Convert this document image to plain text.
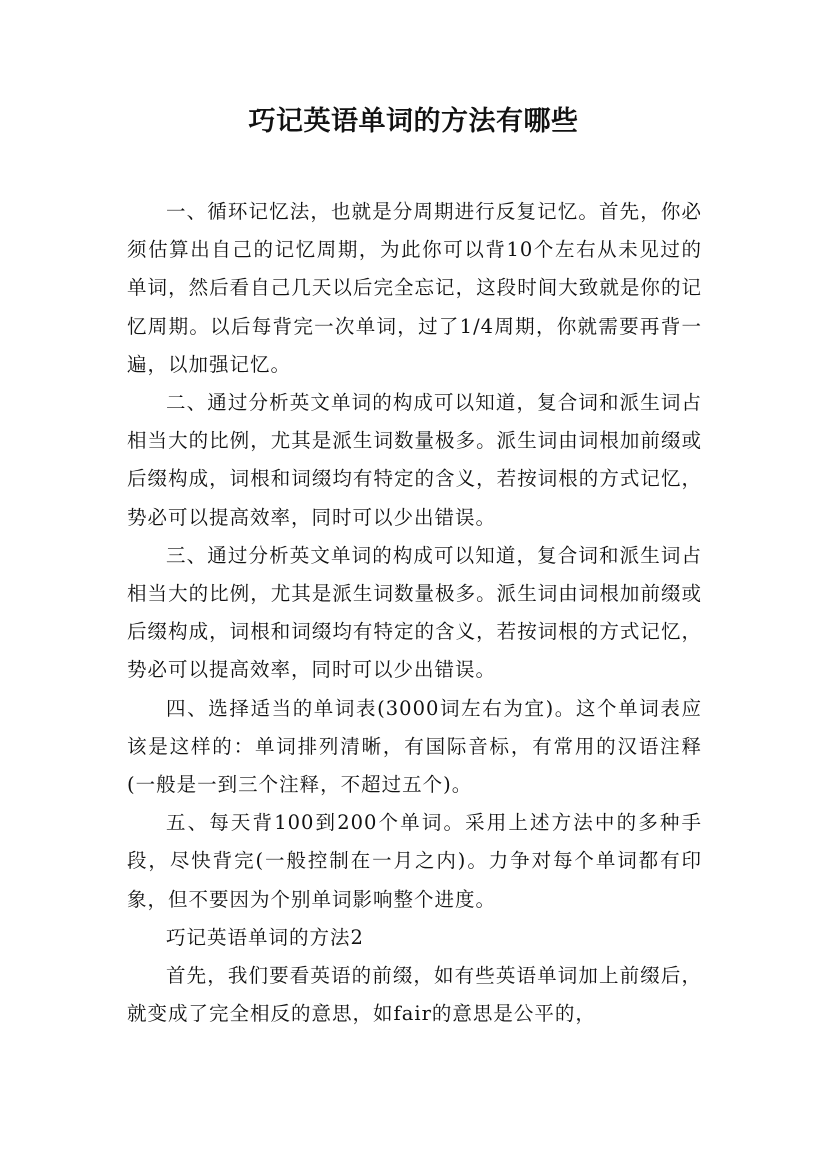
巧记英语单词的方法有哪些

一、循环记忆法，也就是分周期进行反复记忆。首先，你必须估算出自己的记忆周期，为此你可以背10个左右从未见过的单词，然后看自己几天以后完全忘记，这段时间大致就是你的记忆周期。以后每背完一次单词，过了1/4周期，你就需要再背一遍，以加强记忆。

二、通过分析英文单词的构成可以知道，复合词和派生词占相当大的比例，尤其是派生词数量极多。派生词由词根加前缀或后缀构成，词根和词缀均有特定的含义，若按词根的方式记忆，势必可以提高效率，同时可以少出错误。

三、通过分析英文单词的构成可以知道，复合词和派生词占相当大的比例，尤其是派生词数量极多。派生词由词根加前缀或后缀构成，词根和词缀均有特定的含义，若按词根的方式记忆，势必可以提高效率，同时可以少出错误。

四、选择适当的单词表(3000词左右为宜)。这个单词表应该是这样的：单词排列清晰，有国际音标，有常用的汉语注释(一般是一到三个注释，不超过五个)。

五、每天背100到200个单词。采用上述方法中的多种手段，尽快背完(一般控制在一月之内)。力争对每个单词都有印象，但不要因为个别单词影响整个进度。

巧记英语单词的方法2

首先，我们要看英语的前缀，如有些英语单词加上前缀后，就变成了完全相反的意思，如fair的意思是公平的，
